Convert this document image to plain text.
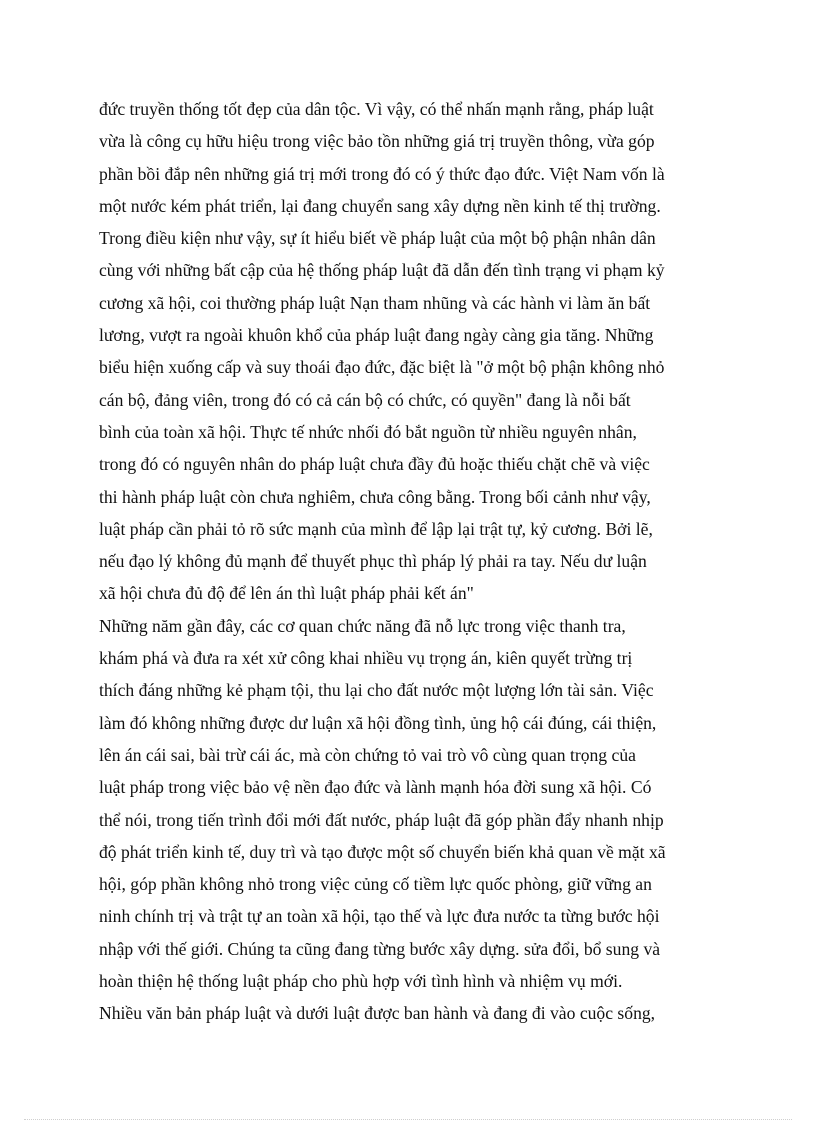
đức truyền thống tốt đẹp của dân tộc. Vì vậy, có thể nhấn mạnh rằng, pháp luật
vừa là công cụ hữu hiệu trong việc bảo tồn những giá trị truyền thông, vừa góp
phần bồi đắp nên những giá trị mới trong đó có ý thức đạo đức. Việt Nam vốn là
một nước kém phát triển, lại đang chuyển sang xây dựng nền kinh tế thị trường.
Trong điều kiện như vậy, sự ít hiểu biết về pháp luật của một bộ phận nhân dân
cùng với những bất cập của hệ thống pháp luật đã dẫn đến tình trạng vi phạm kỷ
cương xã hội, coi thường pháp luật Nạn tham nhũng và các hành vi làm ăn bất
lương, vượt ra ngoài khuôn khổ của pháp luật đang ngày càng gia tăng. Những
biểu hiện xuống cấp và suy thoái đạo đức, đặc biệt là "ở một bộ phận không nhỏ
cán bộ, đảng viên, trong đó có cả cán bộ có chức, có quyền" đang là nỗi bất
bình của toàn xã hội. Thực tế nhức nhối đó bắt nguồn từ nhiều nguyên nhân,
trong đó có nguyên nhân do pháp luật chưa đầy đủ hoặc thiếu chặt chẽ và việc
thi hành pháp luật còn chưa nghiêm, chưa công bằng. Trong bối cảnh như vậy,
luật pháp cần phải tỏ rõ sức mạnh của mình để lập lại trật tự, kỷ cương. Bởi lẽ,
nếu đạo lý không đủ mạnh để thuyết phục thì pháp lý phải ra tay. Nếu dư luận
xã hội chưa đủ độ để lên án thì luật pháp phải kết án"
Những năm gần đây, các cơ quan chức năng đã nỗ lực trong việc thanh tra,
khám phá và đưa ra xét xử công khai nhiều vụ trọng án, kiên quyết trừng trị
thích đáng những kẻ phạm tội, thu lại cho đất nước một lượng lớn tài sản. Việc
làm đó không những được dư luận xã hội đồng tình, ủng hộ cái đúng, cái thiện,
lên án cái sai, bài trừ cái ác, mà còn chứng tỏ vai trò vô cùng quan trọng của
luật pháp trong việc bảo vệ nền đạo đức và lành mạnh hóa đời sung xã hội. Có
thể nói, trong tiến trình đổi mới đất nước, pháp luật đã góp phần đẩy nhanh nhịp
độ phát triển kinh tế, duy trì và tạo được một số chuyển biến khả quan về mặt xã
hội, góp phần không nhỏ trong việc củng cố tiềm lực quốc phòng, giữ vững an
ninh chính trị và trật tự an toàn xã hội, tạo thế và lực đưa nước ta từng bước hội
nhập với thế giới. Chúng ta cũng đang từng bước xây dựng. sửa đổi, bổ sung và
hoàn thiện hệ thống luật pháp cho phù hợp với tình hình và nhiệm vụ mới.
Nhiều văn bản pháp luật và dưới luật được ban hành và đang đi vào cuộc sống,
